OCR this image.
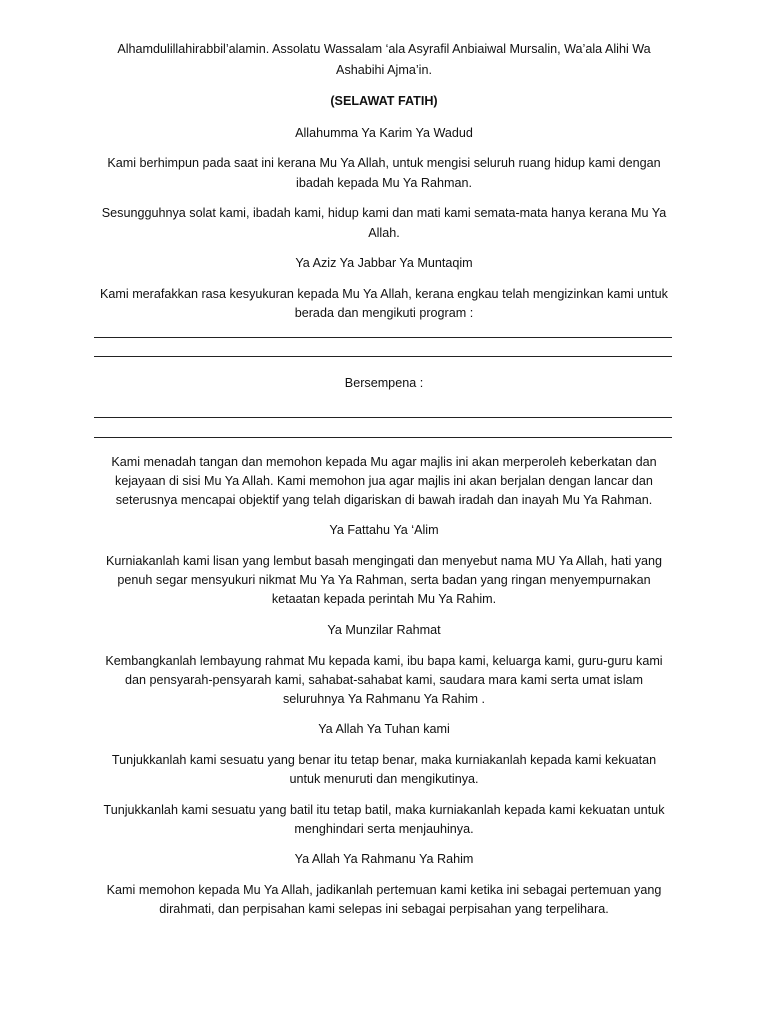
Alhamdulillahirabbil’alamin. Assolatu Wassalam ‘ala Asyrafil Anbiaiwal Mursalin, Wa’ala Alihi Wa
Ashabihi Ajma’in.
(SELAWAT FATIH)
Allahumma Ya Karim Ya Wadud
Kami berhimpun pada saat ini kerana Mu Ya Allah, untuk mengisi seluruh ruang hidup kami dengan
ibadah kepada Mu Ya Rahman.
Sesungguhnya solat kami, ibadah kami, hidup kami dan mati kami semata-mata hanya kerana Mu Ya
Allah.
Ya Aziz Ya Jabbar Ya Muntaqim
Kami merafakkan rasa kesyukuran kepada Mu Ya Allah, kerana engkau telah mengizinkan kami untuk
berada dan mengikuti program :
Bersempena :
Kami menadah tangan dan memohon kepada Mu agar majlis ini akan merperoleh keberkatan dan
kejayaan di sisi Mu Ya Allah. Kami memohon jua agar majlis ini akan berjalan dengan lancar dan
seterusnya mencapai objektif yang telah digariskan di bawah iradah dan inayah Mu Ya Rahman.
Ya Fattahu Ya ‘Alim
Kurniakanlah kami lisan yang lembut basah mengingati dan menyebut nama MU Ya Allah, hati yang
penuh segar mensyukuri nikmat Mu Ya Ya Rahman, serta badan yang ringan menyempurnakan
ketaatan kepada perintah Mu Ya Rahim.
Ya Munzilar Rahmat
Kembangkanlah lembayung rahmat Mu kepada kami, ibu bapa kami, keluarga kami, guru-guru kami
dan pensyarah-pensyarah kami, sahabat-sahabat kami, saudara mara kami serta umat islam
seluruhnya Ya Rahmanu Ya Rahim .
Ya Allah Ya Tuhan kami
Tunjukkanlah kami sesuatu yang benar itu tetap benar, maka kurniakanlah kepada kami kekuatan
untuk menuruti dan mengikutinya.
Tunjukkanlah kami sesuatu yang batil itu tetap batil, maka kurniakanlah kepada kami kekuatan untuk
menghindari serta menjauhinya.
Ya Allah Ya Rahmanu Ya Rahim
Kami memohon kepada Mu Ya Allah, jadikanlah pertemuan kami ketika ini sebagai pertemuan yang
dirahmati, dan perpisahan kami selepas ini sebagai perpisahan yang terpelihara.
